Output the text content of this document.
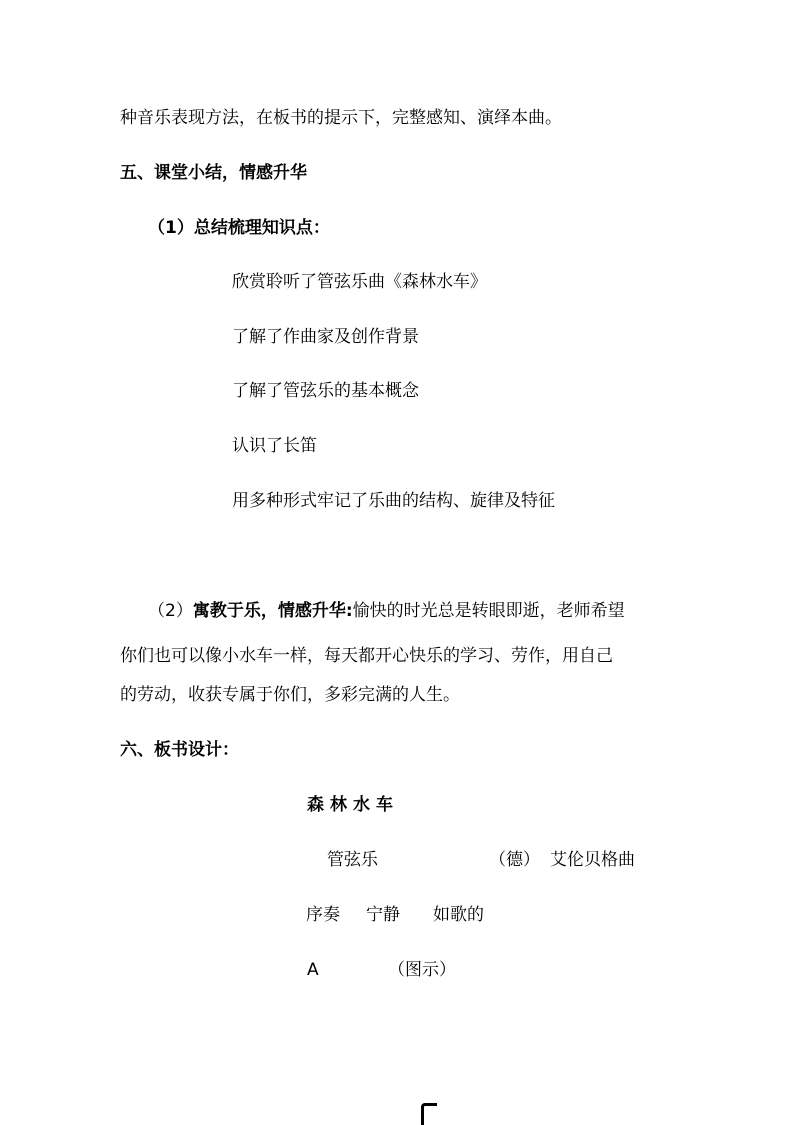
种音乐表现方法，在板书的提示下，完整感知、演绎本曲。
五、课堂小结，情感升华
（1）总结梳理知识点：
欣赏聆听了管弦乐曲《森林水车》
了解了作曲家及创作背景
了解了管弦乐的基本概念
认识了长笛
用多种形式牢记了乐曲的结构、旋律及特征
（2）寓教于乐，情感升华:愉快的时光总是转眼即逝，老师希望
你们也可以像小水车一样，每天都开心快乐的学习、劳作，用自己
的劳动，收获专属于你们，多彩完满的人生。
六、板书设计：
森林水车
管弦乐	（德） 艾伦贝格曲
序奏 宁静 如歌的
A	（图示）
